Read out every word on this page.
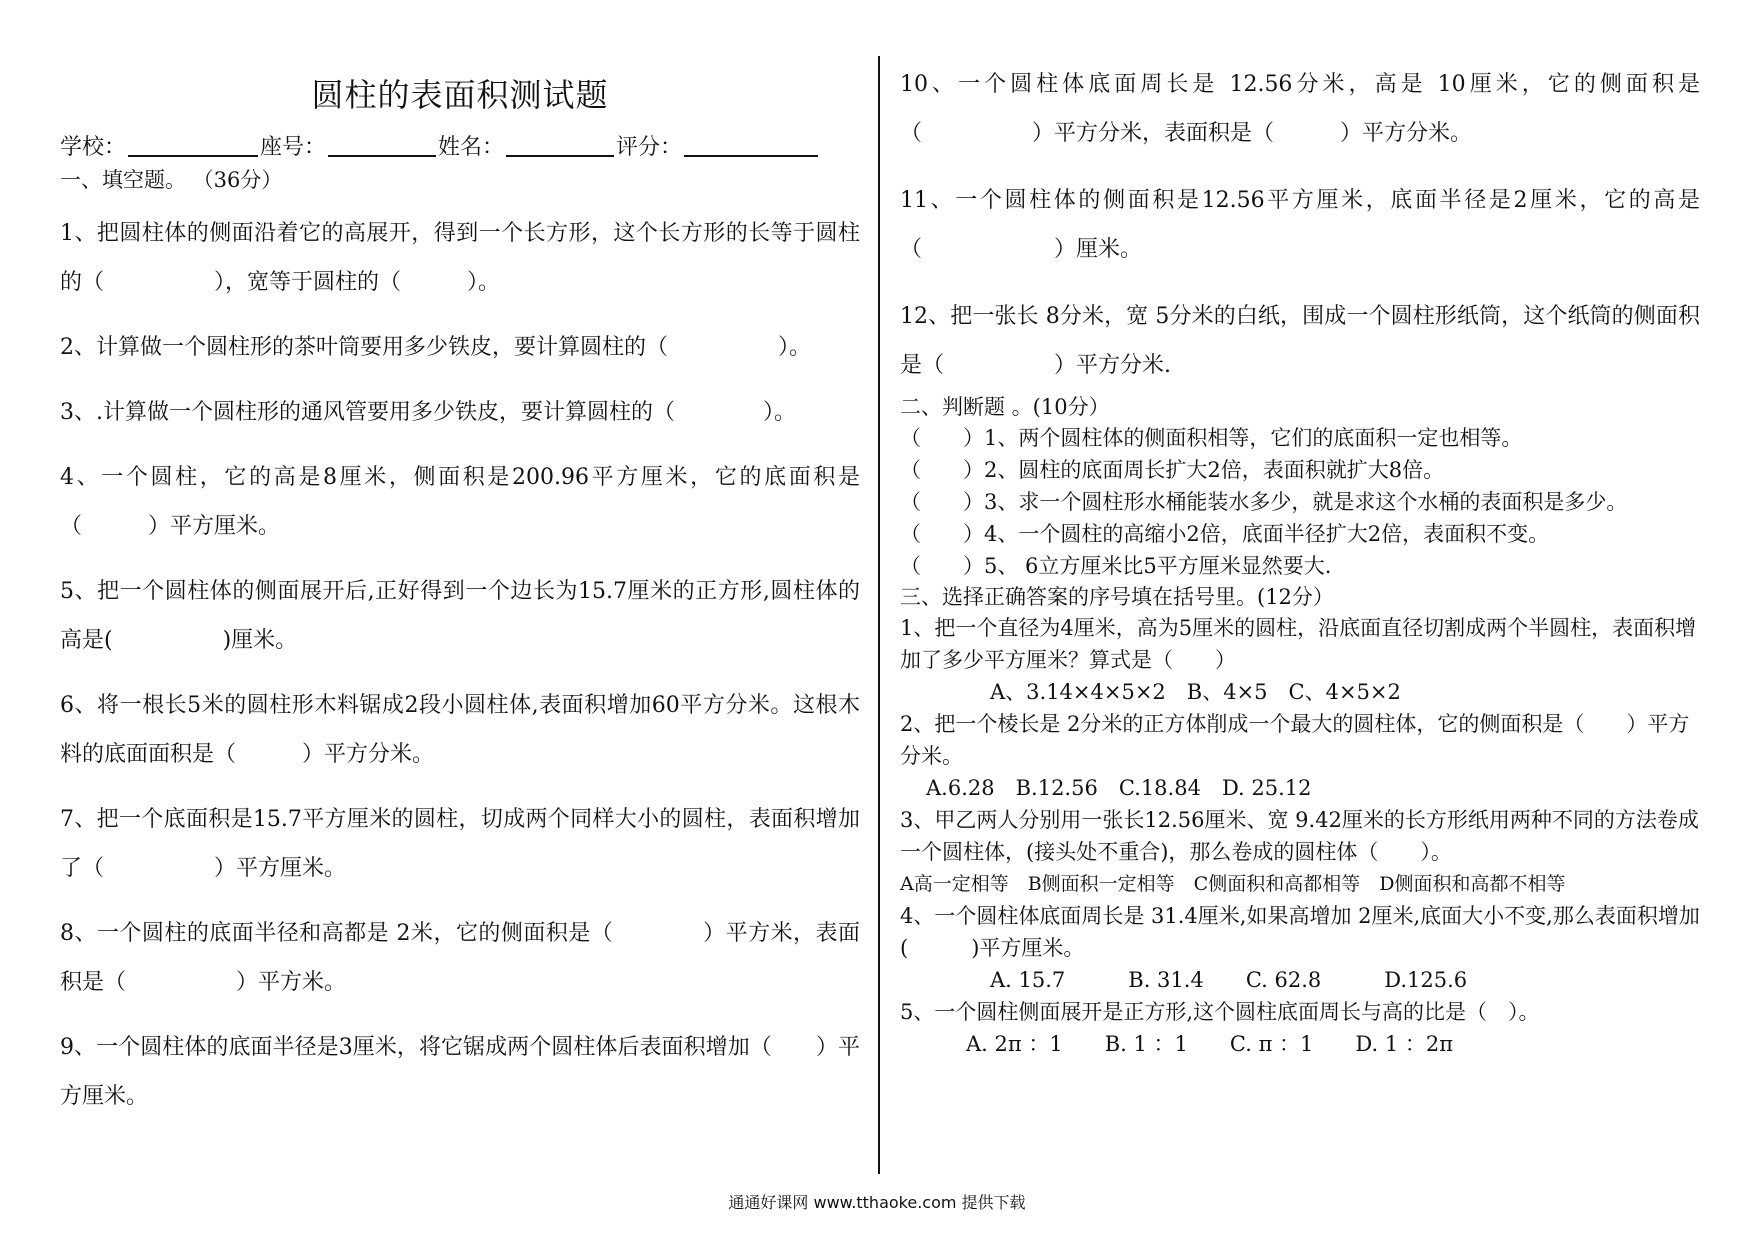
圆柱的表面积测试题
学校：	座号：	姓名：	评分：

一、填空题。 （36分）

1、把圆柱体的侧面沿着它的高展开，得到一个长方形，这个长方形的长等于圆柱的（　　　　　），宽等于圆柱的（　　　）。

2、计算做一个圆柱形的茶叶筒要用多少铁皮，要计算圆柱的（　　　　　）。

3、.计算做一个圆柱形的通风管要用多少铁皮，要计算圆柱的（　　　　）。

4、一个圆柱，它的高是8厘米，侧面积是200.96平方厘米，它的底面积是（　　　）平方厘米。

5、把一个圆柱体的侧面展开后,正好得到一个边长为15.7厘米的正方形,圆柱体的高是(　　　　　)厘米。

6、将一根长5米的圆柱形木料锯成2段小圆柱体,表面积增加60平方分米。这根木料的底面面积是（　　　）平方分米。

7、把一个底面积是15.7平方厘米的圆柱，切成两个同样大小的圆柱，表面积增加了（　　　　　）平方厘米。

8、一个圆柱的底面半径和高都是 2米，它的侧面积是（　　　　）平方米，表面积是（　　　　　）平方米。

9、一个圆柱体的底面半径是3厘米，将它锯成两个圆柱体后表面积增加（　　）平方厘米。

10、一个圆柱体底面周长是 12.56分米，高是 10厘米，它的侧面积是（　　　　　）平方分米，表面积是（　　　）平方分米。

11、一个圆柱体的侧面积是12.56平方厘米，底面半径是2厘米，它的高是（　　　　　　）厘米。

12、把一张长 8分米，宽 5分米的白纸，围成一个圆柱形纸筒，这个纸筒的侧面积是（　　　　　）平方分米.

二、判断题 。(10分）

（　　）1、两个圆柱体的侧面积相等，它们的底面积一定也相等。

（　　）2、圆柱的底面周长扩大2倍，表面积就扩大8倍。

（　　）3、求一个圆柱形水桶能装水多少，就是求这个水桶的表面积是多少。

（　　）4、一个圆柱的高缩小2倍，底面半径扩大2倍，表面积不变。

（　　）5、 6立方厘米比5平方厘米显然要大.

三、选择正确答案的序号填在括号里。(12分）

1、把一个直径为4厘米，高为5厘米的圆柱，沿底面直径切割成两个半圆柱，表面积增加了多少平方厘米？算式是（　　）

A、3.14×4×5×2　B、4×5　C、4×5×2

2、把一个棱长是 2分米的正方体削成一个最大的圆柱体，它的侧面积是（　　）平方分米。

A.6.28　B.12.56　C.18.84　D. 25.12

3、甲乙两人分别用一张长12.56厘米、宽 9.42厘米的长方形纸用两种不同的方法卷成一个圆柱体，(接头处不重合)，那么卷成的圆柱体（　　）。

A高一定相等　B侧面积一定相等　C侧面积和高都相等　D侧面积和高都不相等

4、一个圆柱体底面周长是 31.4厘米,如果高增加 2厘米,底面大小不变,那么表面积增加(　　　)平方厘米。

A. 15.7　　　B. 31.4　　C. 62.8　　　D.125.6

5、一个圆柱侧面展开是正方形,这个圆柱底面周长与高的比是（　）。

A. 2π ：1　　B. 1 ：1　　C. π ：1　　D. 1 ：2π

通通好课网 www.tthaoke.com 提供下载
